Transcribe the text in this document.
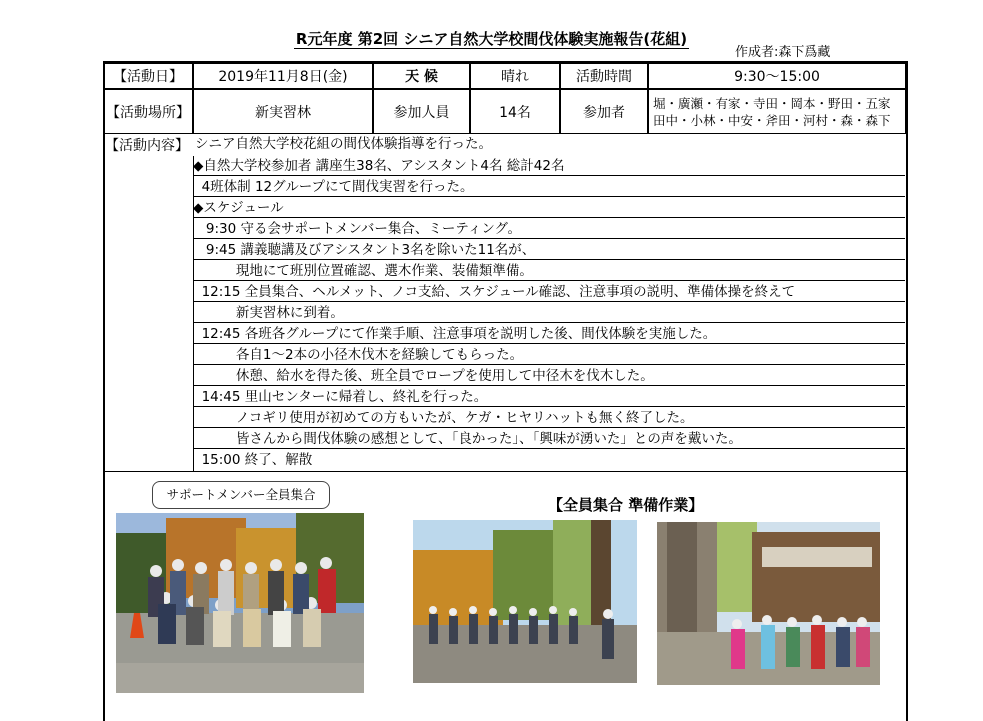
R元年度 第2回 シニア自然大学校間伐体験実施報告(花組)
作成者:森下爲藏
【活動日】	2019年11月8日(金)	天 候	晴れ	活動時間	9:30〜15:00
【活動場所】	新実習林	参加人員	14名	参加者
堀・廣瀬・有家・寺田・岡本・野田・五家
田中・小林・中安・斧田・河村・森・森下
【活動内容】 シニア自然大学校花組の間伐体験指導を行った。
◆自然大学校参加者 講座生38名、アシスタント4名 総計42名
4班体制 12グループにて間伐実習を行った。
◆スケジュール
9:30 守る会サポートメンバー集合、ミーティング。
9:45 講義聴講及びアシスタント3名を除いた11名が、
現地にて班別位置確認、選木作業、装備類準備。
12:15 全員集合、ヘルメット、ノコ支給、スケジュール確認、注意事項の説明、準備体操を終えて
新実習林に到着。
12:45 各班各グループにて作業手順、注意事項を説明した後、間伐体験を実施した。
各自1〜2本の小径木伐木を経験してもらった。
休憩、給水を得た後、班全員でロープを使用して中径木を伐木した。
14:45 里山センターに帰着し、終礼を行った。
ノコギリ使用が初めての方もいたが、ケガ・ヒヤリハットも無く終了した。
皆さんから間伐体験の感想として、「良かった」、「興味が湧いた」との声を戴いた。
15:00 終了、解散
サポートメンバー全員集合
【全員集合 準備作業】
